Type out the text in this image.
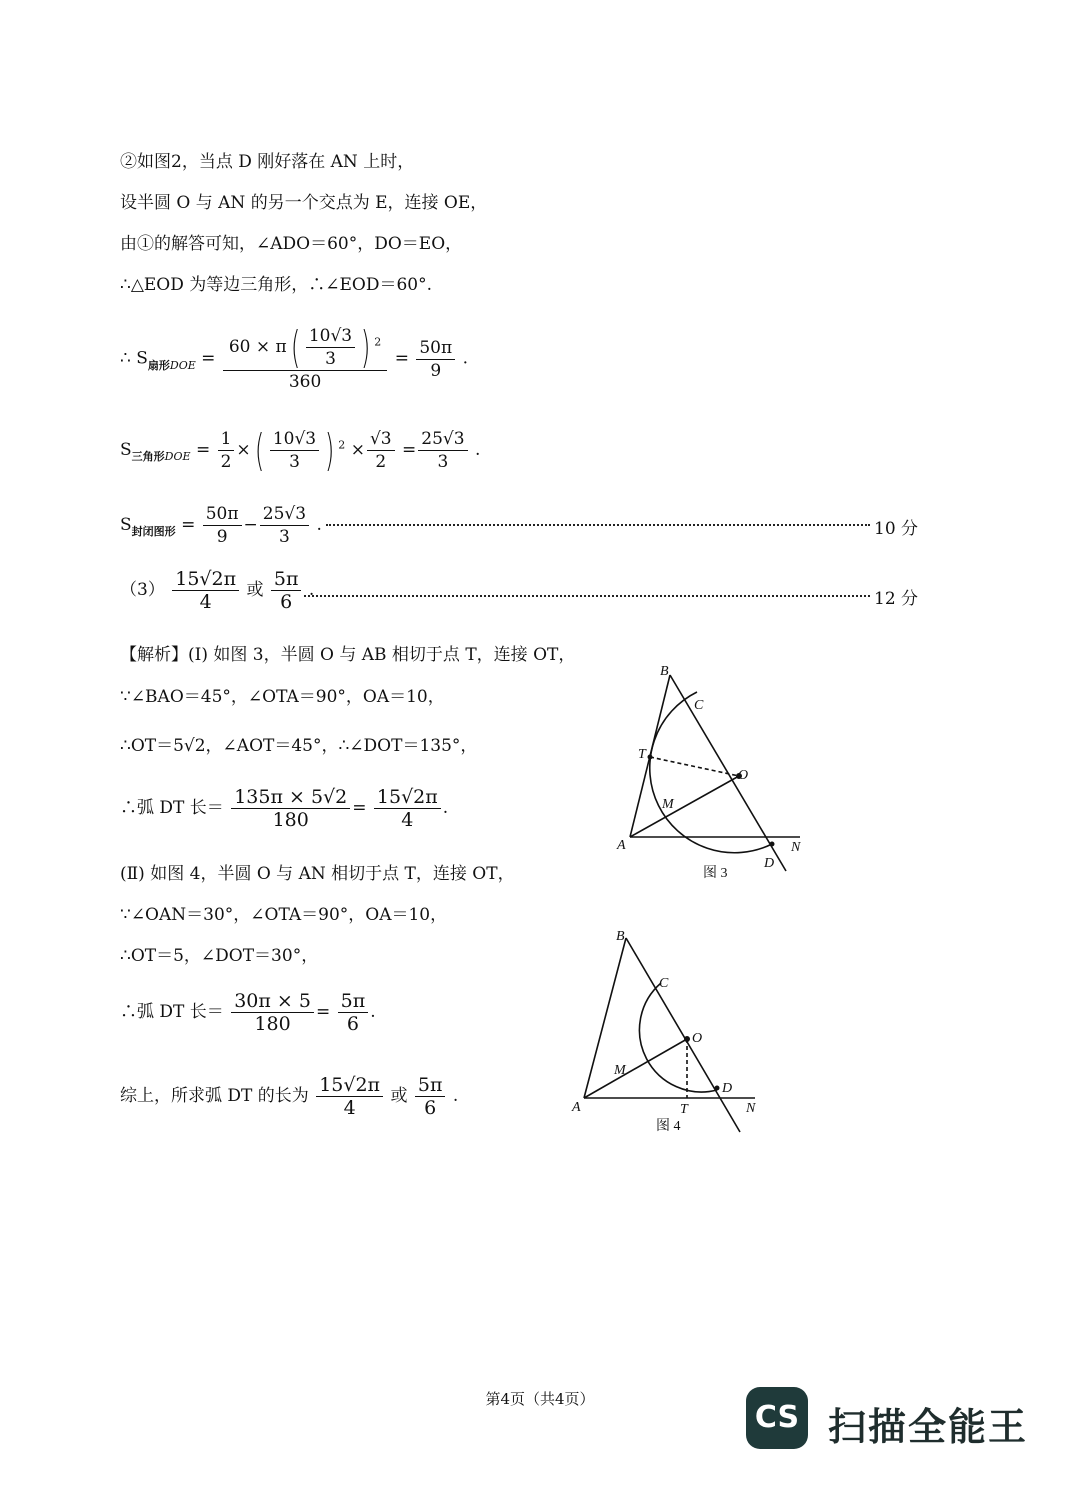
②如图2，当点 D 刚好落在 AN 上时，
设半圆 O 与 AN 的另一个交点为 E，连接 OE，
由①的解答可知，∠ADO＝60°，DO＝EO，
∴△EOD 为等边三角形，∴∠EOD＝60°.
∴ $S_{扇形DOE} = \frac{60 \times \pi( \frac{10√3}{3} ) ^2}{360} = \frac{50\pi}{9}$ .
$S_{三角形DOE} = \frac{1}{2}$ ×( $\frac{10√3}{3}$ ) $^2 \times \frac{√3}{2} = \frac{25√3}{3}$ .
$S_{封闭图形} = \frac{50\pi}{9} - \frac{25√3}{3}$ .	10 分
$(3) \frac{15√2\pi}{4}$ 或 $\frac{5\pi}{6}$ .	12 分
【解析】(Ⅰ) 如图 3，半圆 O 与 AB 相切于点 T，连接 OT，
∵∠BAO＝45°，∠OTA＝90°，OA＝10，
∴OT＝5√2，∠AOT＝45°，∴∠DOT＝135°，
∴弧 DT 长＝ $\frac{135\pi \times 5√2}{180} = \frac{15√2\pi}{4}$ .
(Ⅱ) 如图 4，半圆 O 与 AN 相切于点 T，连接 OT，
∵∠OAN＝30°，∠OTA＝90°，OA＝10，
∴OT＝5，∠DOT＝30°，
∴弧 DT 长＝ $\frac{30\pi \times 5}{180} = \frac{5\pi}{6}$ .
综上，所求弧 DT 的长为 $\frac{15√2\pi}{4}$ 或 $\frac{5\pi}{6}$ .
B
C
T
O
M
A	N
D
图 3
B
C
O
M
A	T
D
N
图 4
第4页（共4页）
CS 扫描全能王
